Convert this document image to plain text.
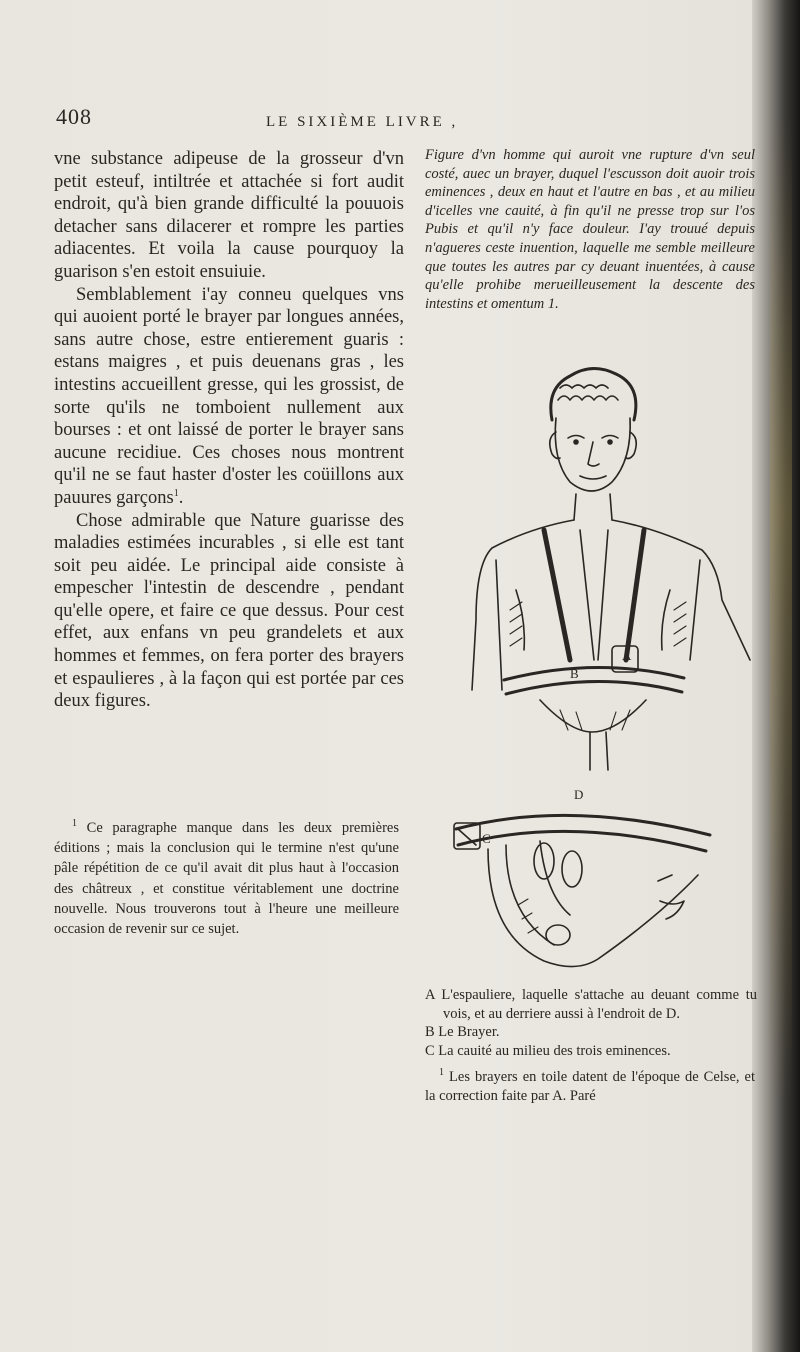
408	LE SIXIÈME LIVRE ,

vne substance adipeuse de la grosseur d'vn petit esteuf, intiltrée et attachée si fort audit endroit, qu'à bien grande difficulté la pouuois detacher sans dilacerer et rompre les parties adiacentes. Et voila la cause pourquoy la guarison s'en estoit ensuiuie.
Semblablement i'ay conneu quelques vns qui auoient porté le brayer par longues années, sans autre chose, estre entierement guaris : estans maigres , et puis deuenans gras , les intestins accueillent gresse, qui les grossist, de sorte qu'ils ne tomboient nullement aux bourses : et ont laissé de porter le brayer sans aucune recidiue. Ces choses nous montrent qu'il ne se faut haster d'oster les coüillons aux pauures garçons$^1$.
Chose admirable que Nature guarisse des maladies estimées incurables , si elle est tant soit peu aidée. Le principal aide consiste à empescher l'intestin de descendre , pendant qu'elle opere, et faire ce que dessus. Pour cest effet, aux enfans vn peu grandelets et aux hommes et femmes, on fera porter des brayers et espaulieres , à la façon qui est portée par ces deux figures.

$^1$ Ce paragraphe manque dans les deux premières éditions ; mais la conclusion qui le termine n'est qu'une pâle répétition de ce qu'il avait dit plus haut à l'occasion des châtreux , et constitue véritablement une doctrine nouvelle. Nous trouverons tout à l'heure une meilleure occasion de revenir sur ce sujet.

Figure d'vn homme qui auroit vne rupture d'vn seul costé, auec un brayer, duquel l'escusson doit auoir trois eminences , deux en haut et l'autre en bas , et au milieu d'icelles vne cauité, à fin qu'il ne presse trop sur l'os Pubis et qu'il n'y face douleur. I'ay trouué depuis n'agueres ceste inuention, laquelle me semble meilleure que toutes les autres par cy deuant inuentées, à cause qu'elle prohibe merueilleusement la descente des intestins et omentum 1.

A
B
C
D

A L'espauliere, laquelle s'attache au deuant comme tu vois, et au derriere aussi à l'endroit de D.

B Le Brayer.

C La cauité au milieu des trois eminences.

$^1$ Les brayers en toile datent de l'époque de Celse, et la correction faite par A. Paré
